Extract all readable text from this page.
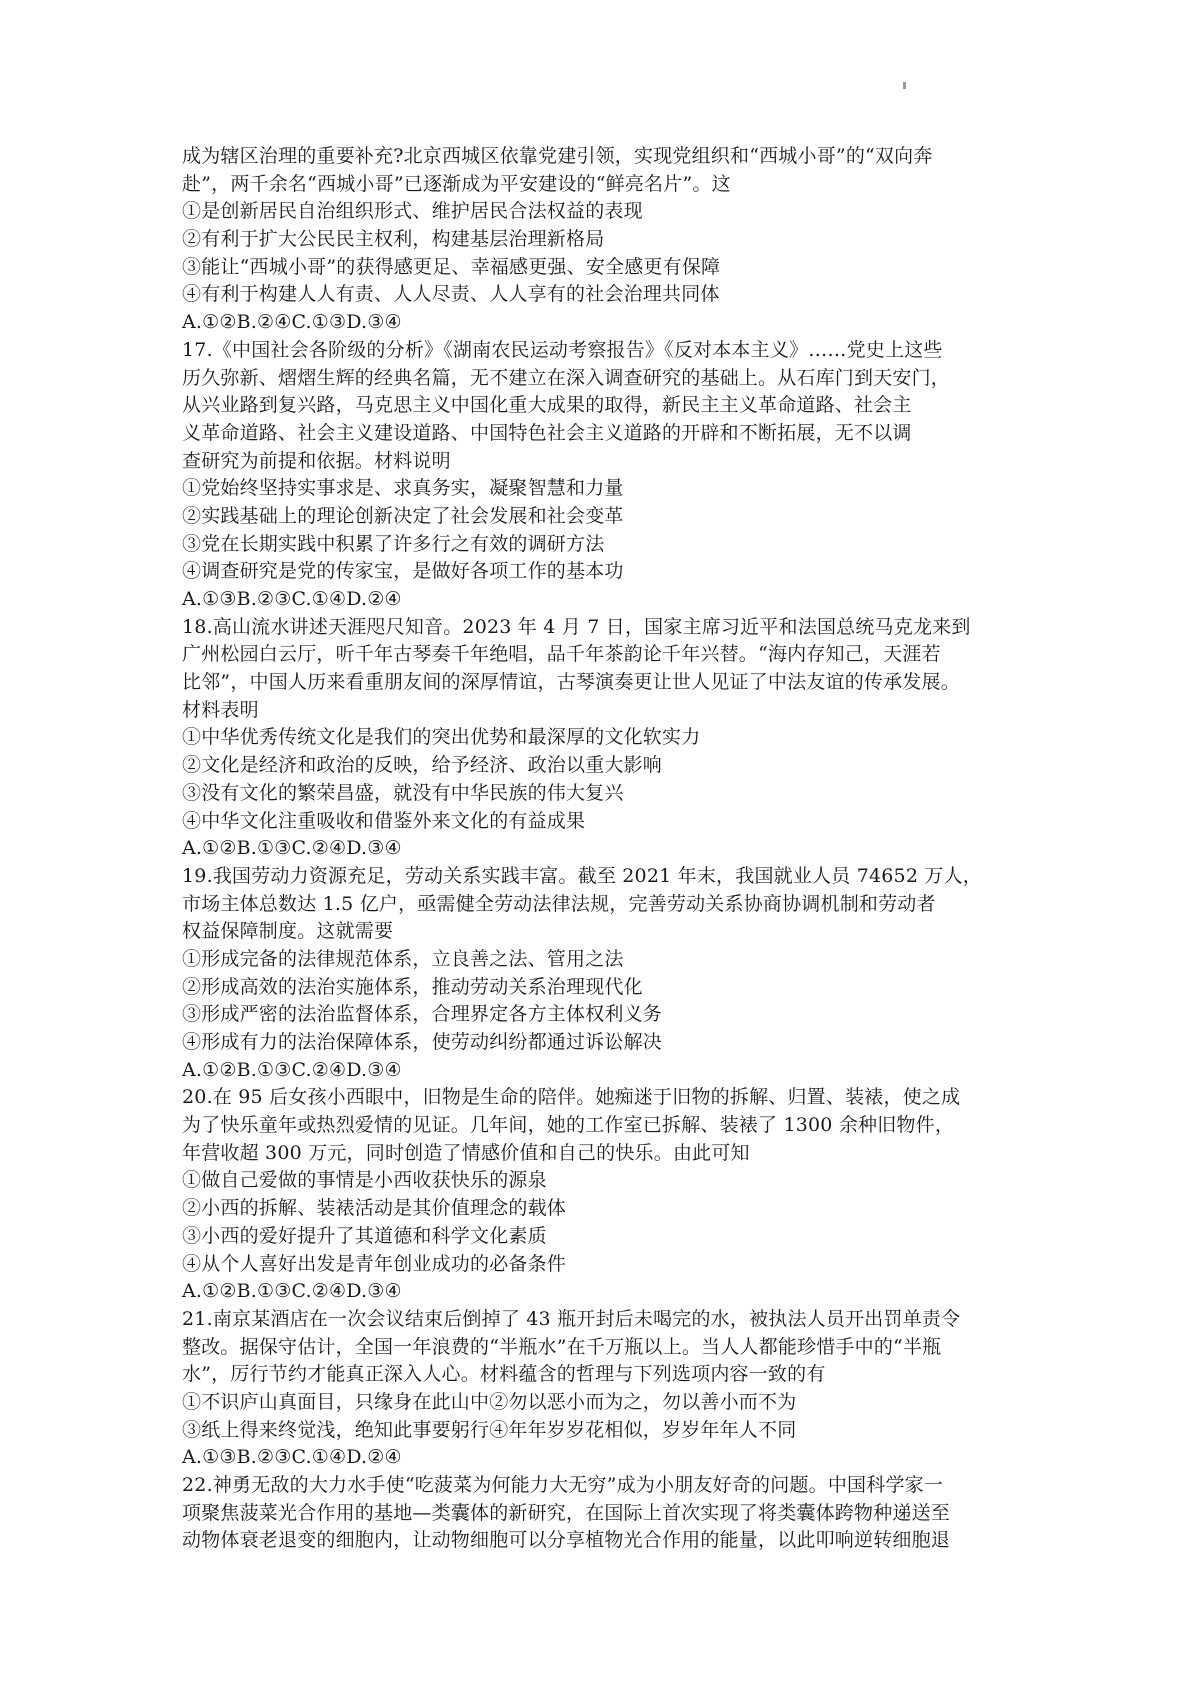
成为辖区治理的重要补充?北京西城区依靠党建引领，实现党组织和“西城小哥”的“双向奔
赴”，两千余名“西城小哥”已逐渐成为平安建设的“鲜亮名片”。这
①是创新居民自治组织形式、维护居民合法权益的表现
②有利于扩大公民民主权利，构建基层治理新格局
③能让“西城小哥”的获得感更足、幸福感更强、安全感更有保障
④有利于构建人人有责、人人尽责、人人享有的社会治理共同体
A.①②B.②④C.①③D.③④
17.《中国社会各阶级的分析》《湖南农民运动考察报告》《反对本本主义》……党史上这些
历久弥新、熠熠生辉的经典名篇，无不建立在深入调查研究的基础上。从石库门到天安门，
从兴业路到复兴路，马克思主义中国化重大成果的取得，新民主主义革命道路、社会主
义革命道路、社会主义建设道路、中国特色社会主义道路的开辟和不断拓展，无不以调
查研究为前提和依据。材料说明
①党始终坚持实事求是、求真务实，凝聚智慧和力量
②实践基础上的理论创新决定了社会发展和社会变革
③党在长期实践中积累了许多行之有效的调研方法
④调查研究是党的传家宝，是做好各项工作的基本功
A.①③B.②③C.①④D.②④
18.高山流水讲述天涯咫尺知音。2023 年 4 月 7 日，国家主席习近平和法国总统马克龙来到
广州松园白云厅，听千年古琴奏千年绝唱，品千年茶韵论千年兴替。“海内存知己，天涯若
比邻”，中国人历来看重朋友间的深厚情谊，古琴演奏更让世人见证了中法友谊的传承发展。
材料表明
①中华优秀传统文化是我们的突出优势和最深厚的文化软实力
②文化是经济和政治的反映，给予经济、政治以重大影响
③没有文化的繁荣昌盛，就没有中华民族的伟大复兴
④中华文化注重吸收和借鉴外来文化的有益成果
A.①②B.①③C.②④D.③④
19.我国劳动力资源充足，劳动关系实践丰富。截至 2021 年末，我国就业人员 74652 万人，
市场主体总数达 1.5 亿户，亟需健全劳动法律法规，完善劳动关系协商协调机制和劳动者
权益保障制度。这就需要
①形成完备的法律规范体系，立良善之法、管用之法
②形成高效的法治实施体系，推动劳动关系治理现代化
③形成严密的法治监督体系，合理界定各方主体权利义务
④形成有力的法治保障体系，使劳动纠纷都通过诉讼解决
A.①②B.①③C.②④D.③④
20.在 95 后女孩小西眼中，旧物是生命的陪伴。她痴迷于旧物的拆解、归置、装裱，使之成
为了快乐童年或热烈爱情的见证。几年间，她的工作室已拆解、装裱了 1300 余种旧物件，
年营收超 300 万元，同时创造了情感价值和自己的快乐。由此可知
①做自己爱做的事情是小西收获快乐的源泉
②小西的拆解、装裱活动是其价值理念的载体
③小西的爱好提升了其道德和科学文化素质
④从个人喜好出发是青年创业成功的必备条件
A.①②B.①③C.②④D.③④
21.南京某酒店在一次会议结束后倒掉了 43 瓶开封后未喝完的水，被执法人员开出罚单责令
整改。据保守估计，全国一年浪费的“半瓶水”在千万瓶以上。当人人都能珍惜手中的“半瓶
水”，厉行节约才能真正深入人心。材料蕴含的哲理与下列选项内容一致的有
①不识庐山真面目，只缘身在此山中②勿以恶小而为之，勿以善小而不为
③纸上得来终觉浅，绝知此事要躬行④年年岁岁花相似，岁岁年年人不同
A.①③B.②③C.①④D.②④
22.神勇无敌的大力水手使“吃菠菜为何能力大无穷”成为小朋友好奇的问题。中国科学家一
项聚焦菠菜光合作用的基地—类囊体的新研究，在国际上首次实现了将类囊体跨物种递送至
动物体衰老退变的细胞内，让动物细胞可以分享植物光合作用的能量，以此叩响逆转细胞退
